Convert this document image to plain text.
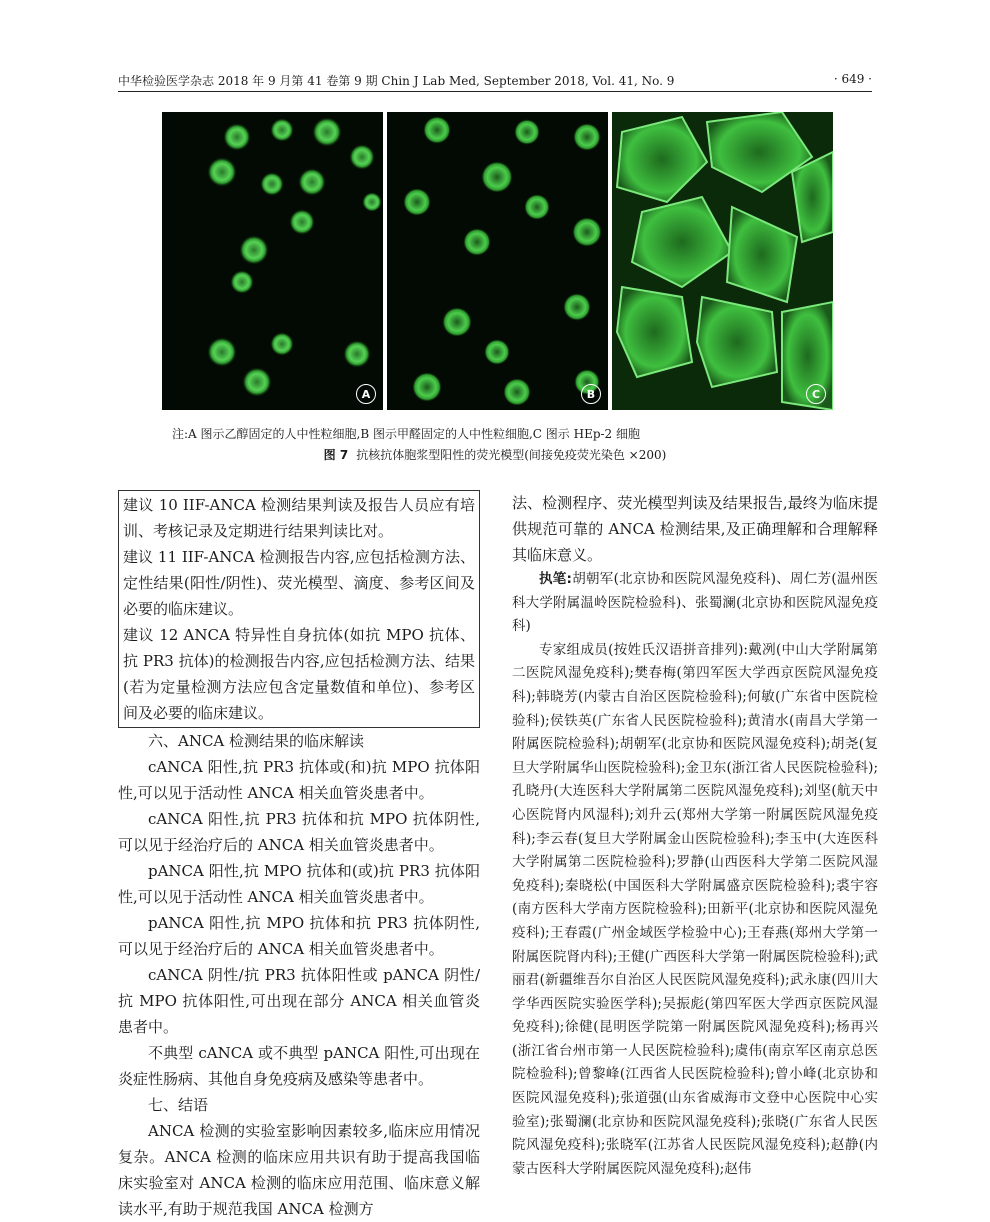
中华检验医学杂志 2018 年 9 月第 41 卷第 9 期 Chin J Lab Med, September 2018, Vol. 41, No. 9	· 649 ·
A	B	C
注:A 图示乙醇固定的人中性粒细胞,B 图示甲醛固定的人中性粒细胞,C 图示 HEp-2 细胞
图 7 抗核抗体胞浆型阳性的荧光模型(间接免疫荧光染色 ×200)

建议 10 IIF-ANCA 检测结果判读及报告人员应有培训、考核记录及定期进行结果判读比对。

建议 11 IIF-ANCA 检测报告内容,应包括检测方法、定性结果(阳性/阴性)、荧光模型、滴度、参考区间及必要的临床建议。

建议 12 ANCA 特异性自身抗体(如抗 MPO 抗体、抗 PR3 抗体)的检测报告内容,应包括检测方法、结果(若为定量检测方法应包含定量数值和单位)、参考区间及必要的临床建议。

六、ANCA 检测结果的临床解读

cANCA 阳性,抗 PR3 抗体或(和)抗 MPO 抗体阳性,可以见于活动性 ANCA 相关血管炎患者中。

cANCA 阳性,抗 PR3 抗体和抗 MPO 抗体阴性,可以见于经治疗后的 ANCA 相关血管炎患者中。

pANCA 阳性,抗 MPO 抗体和(或)抗 PR3 抗体阳性,可以见于活动性 ANCA 相关血管炎患者中。

pANCA 阳性,抗 MPO 抗体和抗 PR3 抗体阴性,可以见于经治疗后的 ANCA 相关血管炎患者中。

cANCA 阴性/抗 PR3 抗体阳性或 pANCA 阴性/抗 MPO 抗体阳性,可出现在部分 ANCA 相关血管炎患者中。

不典型 cANCA 或不典型 pANCA 阳性,可出现在炎症性肠病、其他自身免疫病及感染等患者中。

七、结语

ANCA 检测的实验室影响因素较多,临床应用情况复杂。ANCA 检测的临床应用共识有助于提高我国临床实验室对 ANCA 检测的临床应用范围、临床意义解读水平,有助于规范我国 ANCA 检测方

法、检测程序、荧光模型判读及结果报告,最终为临床提供规范可靠的 ANCA 检测结果,及正确理解和合理解释其临床意义。

执笔:胡朝军(北京协和医院风湿免疫科)、周仁芳(温州医科大学附属温岭医院检验科)、张蜀澜(北京协和医院风湿免疫科)

专家组成员(按姓氏汉语拼音排列):戴冽(中山大学附属第二医院风湿免疫科);樊春梅(第四军医大学西京医院风湿免疫科);韩晓芳(内蒙古自治区医院检验科);何敏(广东省中医院检验科);侯铁英(广东省人民医院检验科);黄清水(南昌大学第一附属医院检验科);胡朝军(北京协和医院风湿免疫科);胡尧(复旦大学附属华山医院检验科);金卫东(浙江省人民医院检验科);孔晓丹(大连医科大学附属第二医院风湿免疫科);刘坚(航天中心医院肾内风湿科);刘升云(郑州大学第一附属医院风湿免疫科);李云春(复旦大学附属金山医院检验科);李玉中(大连医科大学附属第二医院检验科);罗静(山西医科大学第二医院风湿免疫科);秦晓松(中国医科大学附属盛京医院检验科);裘宇容(南方医科大学南方医院检验科);田新平(北京协和医院风湿免疫科);王春霞(广州金域医学检验中心);王春燕(郑州大学第一附属医院肾内科);王健(广西医科大学第一附属医院检验科);武丽君(新疆维吾尔自治区人民医院风湿免疫科);武永康(四川大学华西医院实验医学科);吴振彪(第四军医大学西京医院风湿免疫科);徐健(昆明医学院第一附属医院风湿免疫科);杨再兴(浙江省台州市第一人民医院检验科);虞伟(南京军区南京总医院检验科);曾黎峰(江西省人民医院检验科);曾小峰(北京协和医院风湿免疫科);张道强(山东省威海市文登中心医院中心实验室);张蜀澜(北京协和医院风湿免疫科);张晓(广东省人民医院风湿免疫科);张晓军(江苏省人民医院风湿免疫科);赵静(内蒙古医科大学附属医院风湿免疫科);赵伟
